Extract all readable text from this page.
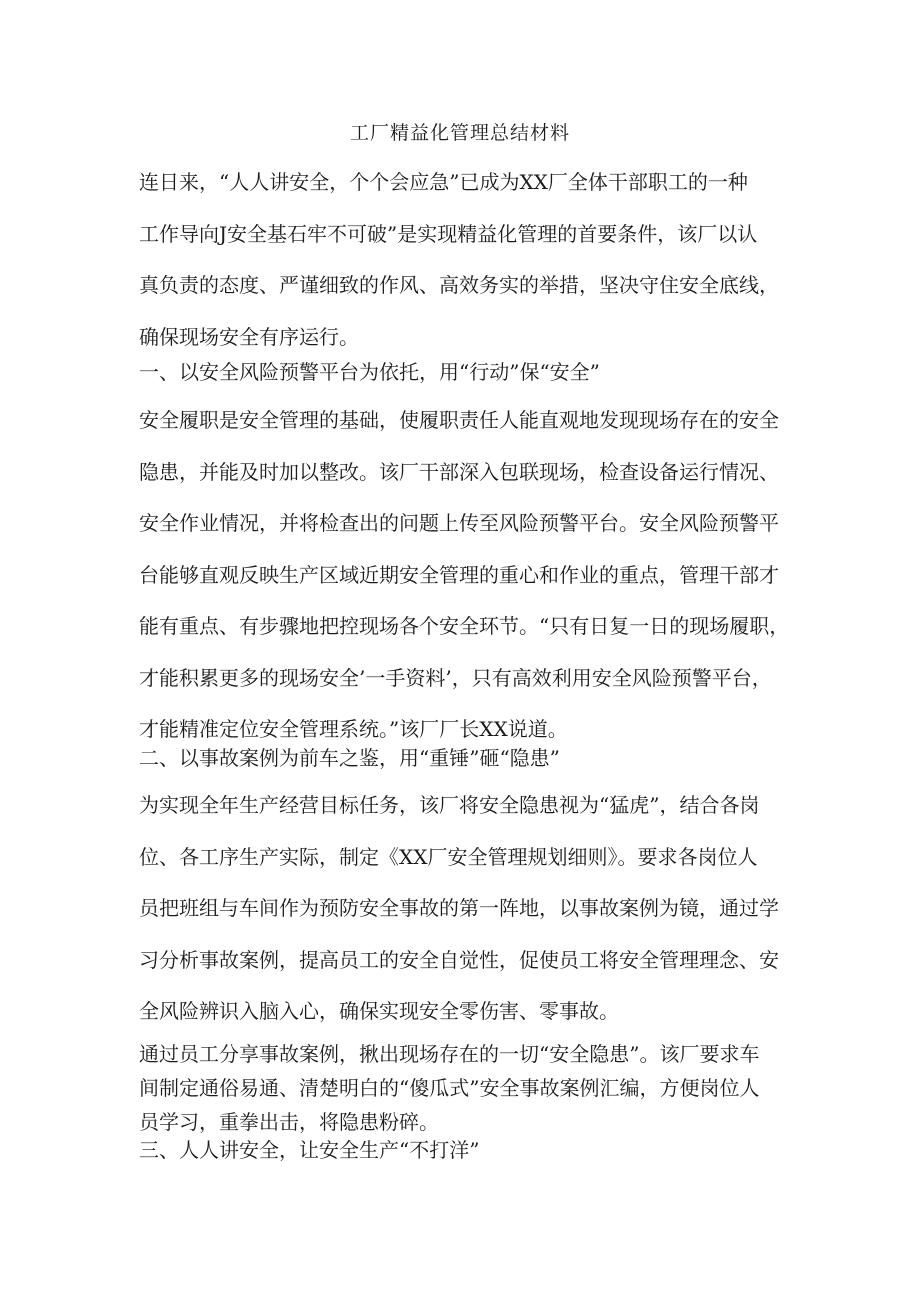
工厂精益化管理总结材料

连日来，“人人讲安全，个个会应急”已成为XX厂全体干部职工的一种

工作导向J安全基石牢不可破”是实现精益化管理的首要条件，该厂以认

真负责的态度、严谨细致的作风、高效务实的举措，坚决守住安全底线，

确保现场安全有序运行。

一、以安全风险预警平台为依托，用“行动”保“安全”

安全履职是安全管理的基础，使履职责任人能直观地发现现场存在的安全

隐患，并能及时加以整改。该厂干部深入包联现场，检查设备运行情况、

安全作业情况，并将检查出的问题上传至风险预警平台。安全风险预警平

台能够直观反映生产区域近期安全管理的重心和作业的重点，管理干部才

能有重点、有步骤地把控现场各个安全环节。“只有日复一日的现场履职，

才能积累更多的现场安全’一手资料’，只有高效利用安全风险预警平台，

才能精准定位安全管理系统。”该厂厂长XX说道。

二、以事故案例为前车之鉴，用“重锤”砸“隐患”

为实现全年生产经营目标任务，该厂将安全隐患视为“猛虎”，结合各岗

位、各工序生产实际，制定《XX厂安全管理规划细则》。要求各岗位人

员把班组与车间作为预防安全事故的第一阵地，以事故案例为镜，通过学

习分析事故案例，提高员工的安全自觉性，促使员工将安全管理理念、安

全风险辨识入脑入心，确保实现安全零伤害、零事故。

通过员工分享事故案例，揪出现场存在的一切“安全隐患”。该厂要求车

间制定通俗易通、清楚明白的“傻瓜式”安全事故案例汇编，方便岗位人

员学习，重拳出击，将隐患粉碎。

三、人人讲安全，让安全生产“不打洋”
